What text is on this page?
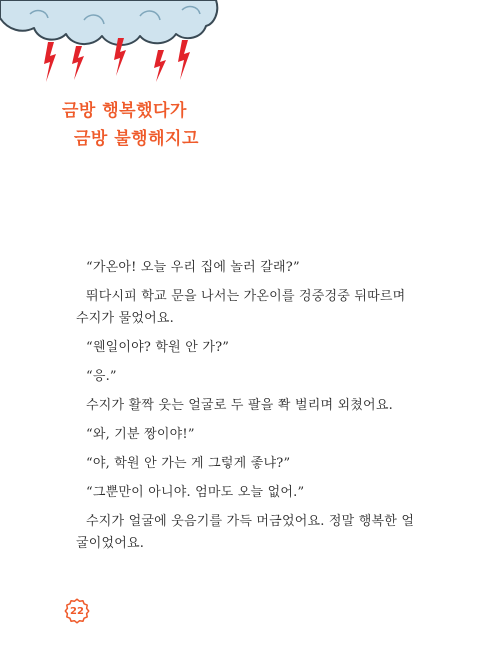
금방 행복했다가
금방 불행해지고

“가온아! 오늘 우리 집에 놀러 갈래?”

뛰다시피 학교 문을 나서는 가온이를 겅중겅중 뒤따르며 수지가 물었어요.

“웬일이야? 학원 안 가?”

“응.”

수지가 활짝 웃는 얼굴로 두 팔을 쫙 벌리며 외쳤어요.

“와, 기분 짱이야!”

“야, 학원 안 가는 게 그렇게 좋냐?”

“그뿐만이 아니야. 엄마도 오늘 없어.”

수지가 얼굴에 웃음기를 가득 머금었어요. 정말 행복한 얼굴이었어요.

22
